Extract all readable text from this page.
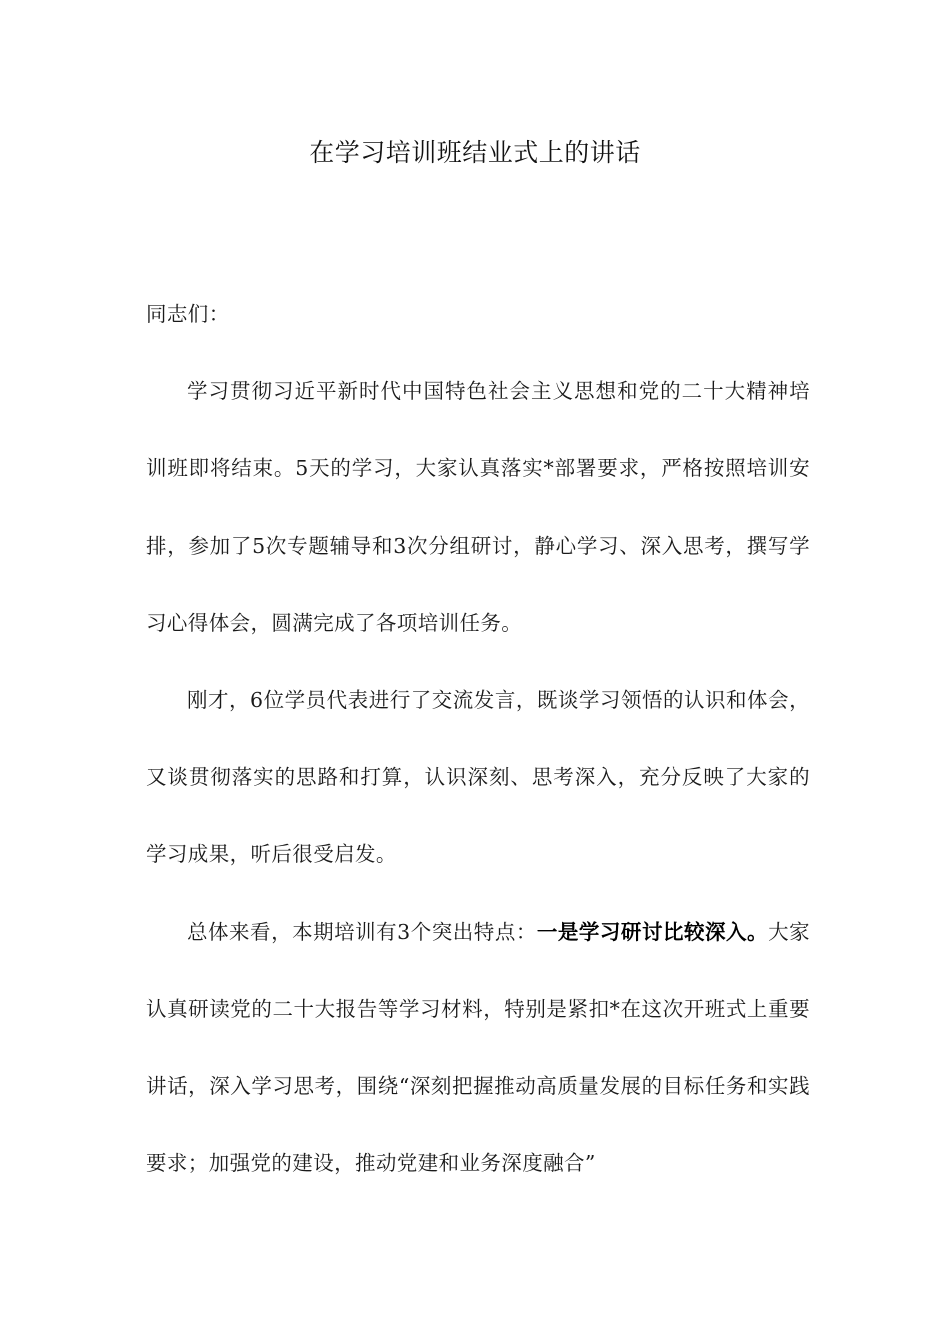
在学习培训班结业式上的讲话

同志们：

学习贯彻习近平新时代中国特色社会主义思想和党的二十大精神培训班即将结束。5天的学习，大家认真落实*部署要求，严格按照培训安排，参加了5次专题辅导和3次分组研讨，静心学习、深入思考，撰写学习心得体会，圆满完成了各项培训任务。

刚才，6位学员代表进行了交流发言，既谈学习领悟的认识和体会，又谈贯彻落实的思路和打算，认识深刻、思考深入，充分反映了大家的学习成果，听后很受启发。

总体来看，本期培训有3个突出特点：一是学习研讨比较深入。大家认真研读党的二十大报告等学习材料，特别是紧扣*在这次开班式上重要讲话，深入学习思考，围绕“深刻把握推动高质量发展的目标任务和实践要求；加强党的建设，推动党建和业务深度融合”
